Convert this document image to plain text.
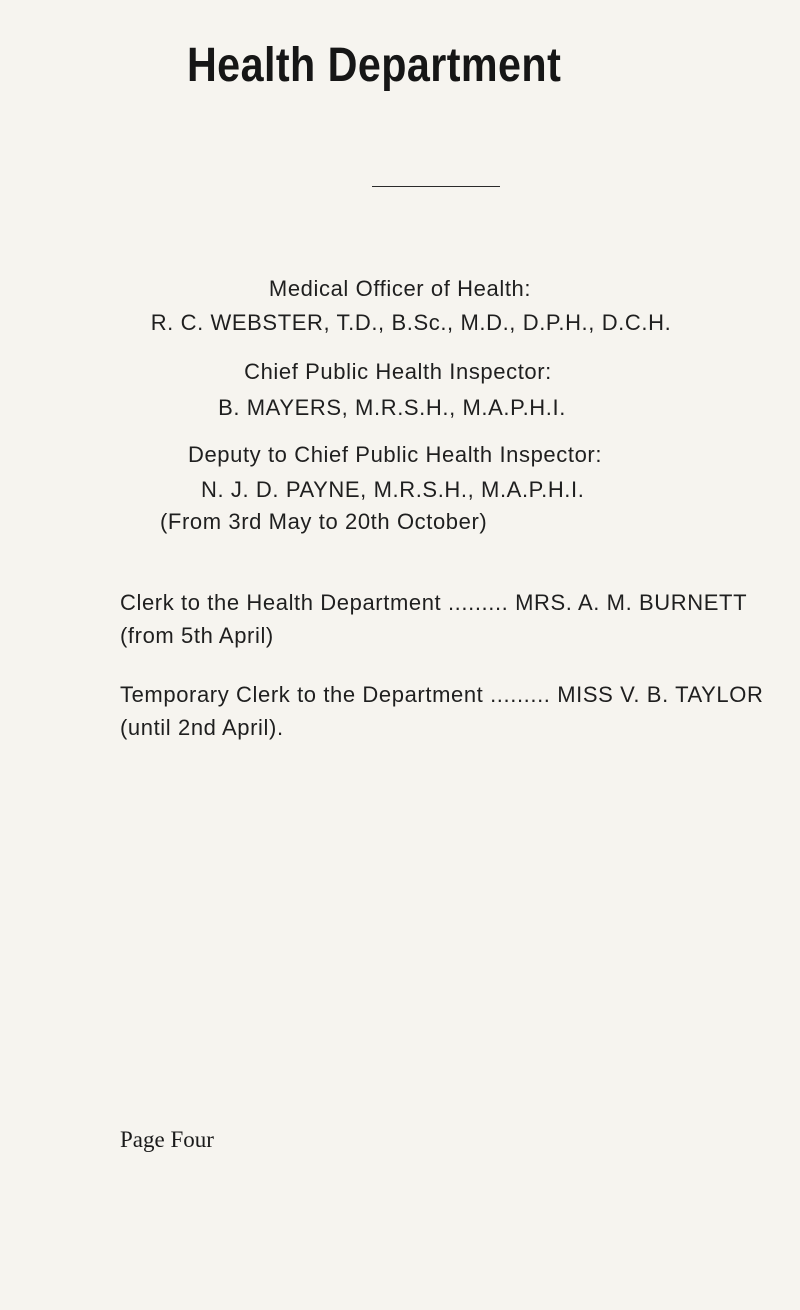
Health Department
Medical Officer of Health:
R. C. WEBSTER, T.D., B.Sc., M.D., D.P.H., D.C.H.
Chief Public Health Inspector:
B. MAYERS, M.R.S.H., M.A.P.H.I.
Deputy to Chief Public Health Inspector:
N. J. D. PAYNE, M.R.S.H., M.A.P.H.I.
(From 3rd May to 20th October)
Clerk to the Health Department ......... MRS. A. M. BURNETT
(from 5th April)
Temporary Clerk to the Department ......... MISS V. B. TAYLOR
(until 2nd April).
Page Four
